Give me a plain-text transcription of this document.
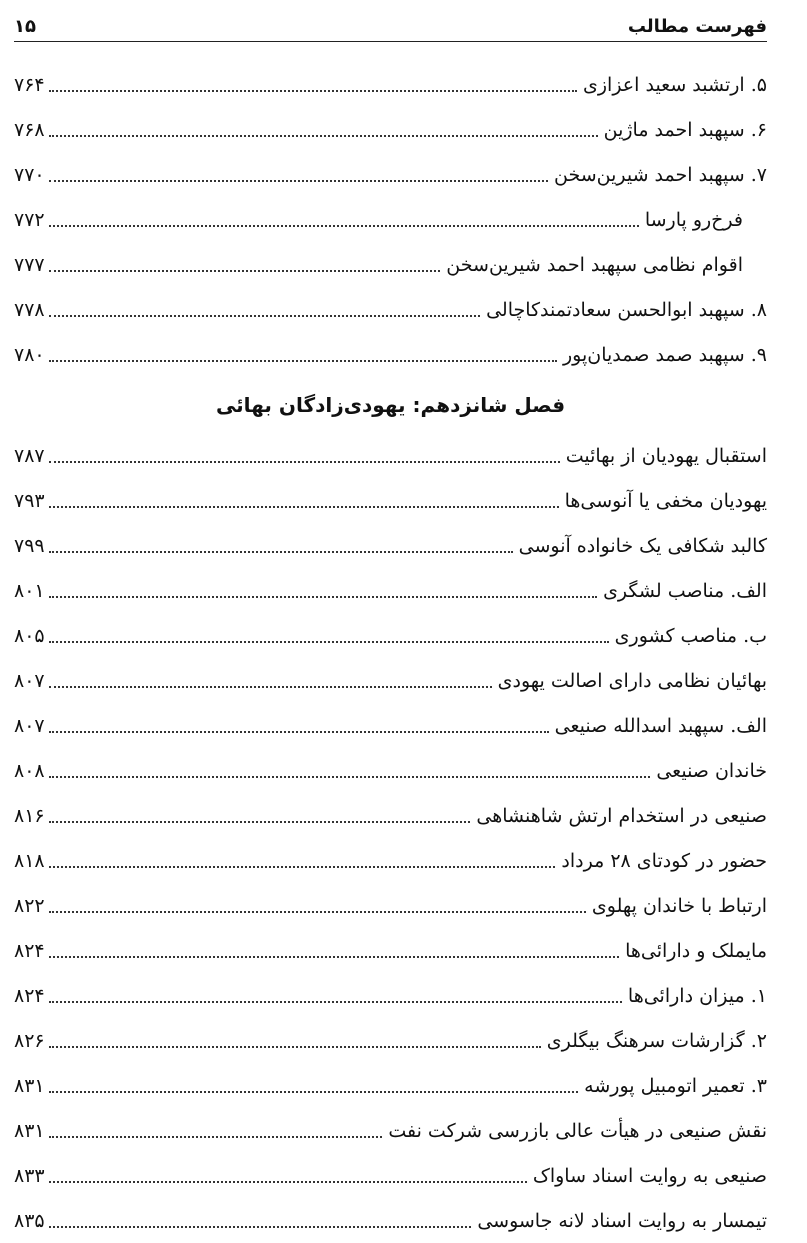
فهرست مطالب
۱۵
۵. ارتشبد سعید اعزازی
۷۶۴
۶. سپهبد احمد ماژین
۷۶۸
۷. سپهبد احمد شیرین‌سخن
۷۷۰
فرخ‌رو پارسا
۷۷۲
اقوام نظامی سپهبد احمد شیرین‌سخن
۷۷۷
۸. سپهبد ابوالحسن سعادتمندکاچالی
۷۷۸
۹. سپهبد صمد صمدیان‌پور
۷۸۰
فصل شانزدهم: یهودی‌زادگان بهائی
استقبال یهودیان از بهائیت
۷۸۷
یهودیان مخفی یا آنوسی‌ها
۷۹۳
کالبد شکافی یک خانواده آنوسی
۷۹۹
الف. مناصب لشگری
۸۰۱
ب. مناصب کشوری
۸۰۵
بهائیان نظامی دارای اصالت یهودی
۸۰۷
الف. سپهبد اسدالله صنیعی
۸۰۷
خاندان صنیعی
۸۰۸
صنیعی در استخدام ارتش شاهنشاهی
۸۱۶
حضور در کودتای ۲۸ مرداد
۸۱۸
ارتباط با خاندان پهلوی
۸۲۲
مایملک و دارائی‌ها
۸۲۴
۱. میزان دارائی‌ها
۸۲۴
۲. گزارشات سرهنگ بیگلری
۸۲۶
۳. تعمیر اتومبیل پورشه
۸۳۱
نقش صنیعی در هیأت عالی بازرسی شرکت نفت
۸۳۱
صنیعی به روایت اسناد ساواک
۸۳۳
تیمسار به روایت اسناد لانه جاسوسی
۸۳۵
